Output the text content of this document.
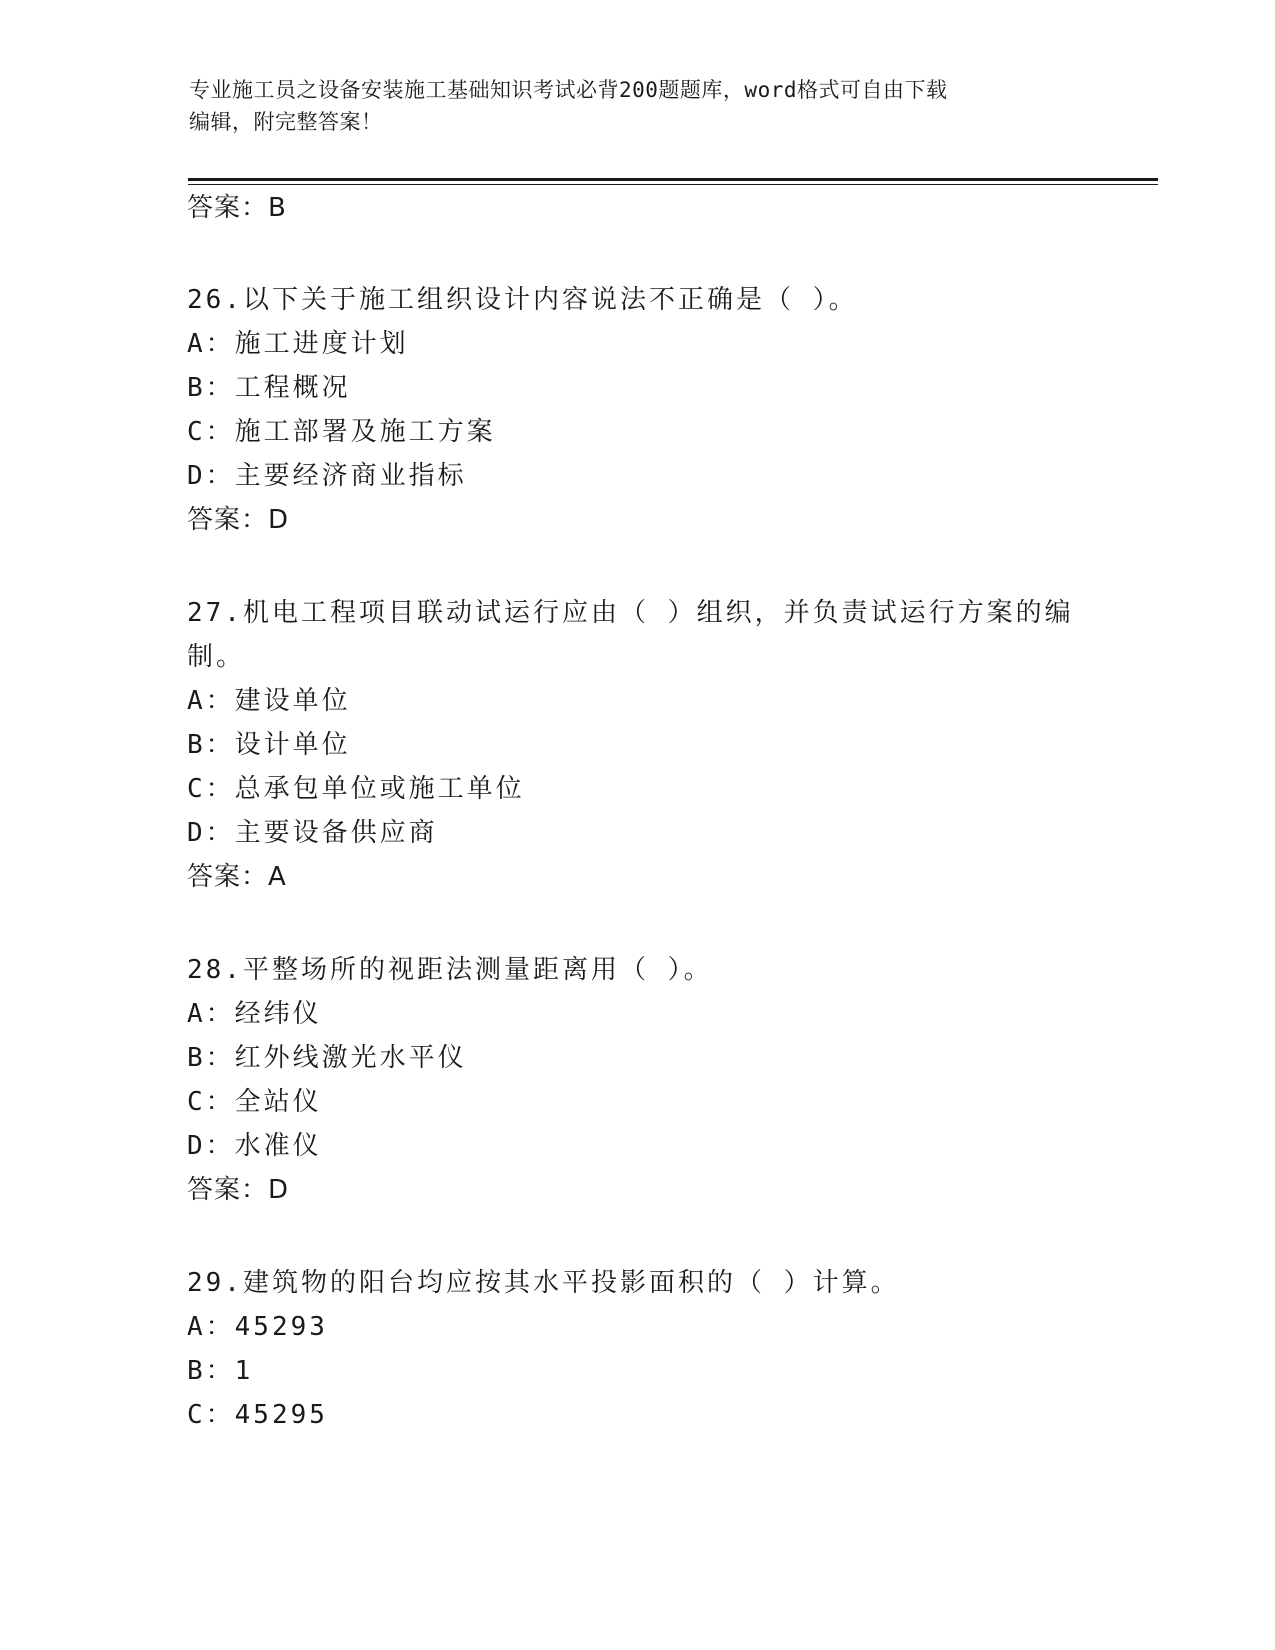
专业施工员之设备安装施工基础知识考试必背200题题库，word格式可自由下载
编辑，附完整答案！
答案：B
26.以下关于施工组织设计内容说法不正确是（ ）。
A：施工进度计划
B：工程概况
C：施工部署及施工方案
D：主要经济商业指标
答案：D
27.机电工程项目联动试运行应由（ ）组织，并负责试运行方案的编
制。
A：建设单位
B：设计单位
C：总承包单位或施工单位
D：主要设备供应商
答案：A
28.平整场所的视距法测量距离用（ ）。
A：经纬仪
B：红外线激光水平仪
C：全站仪
D：水准仪
答案：D
29.建筑物的阳台均应按其水平投影面积的（ ）计算。
A：45293
B：1
C：45295
